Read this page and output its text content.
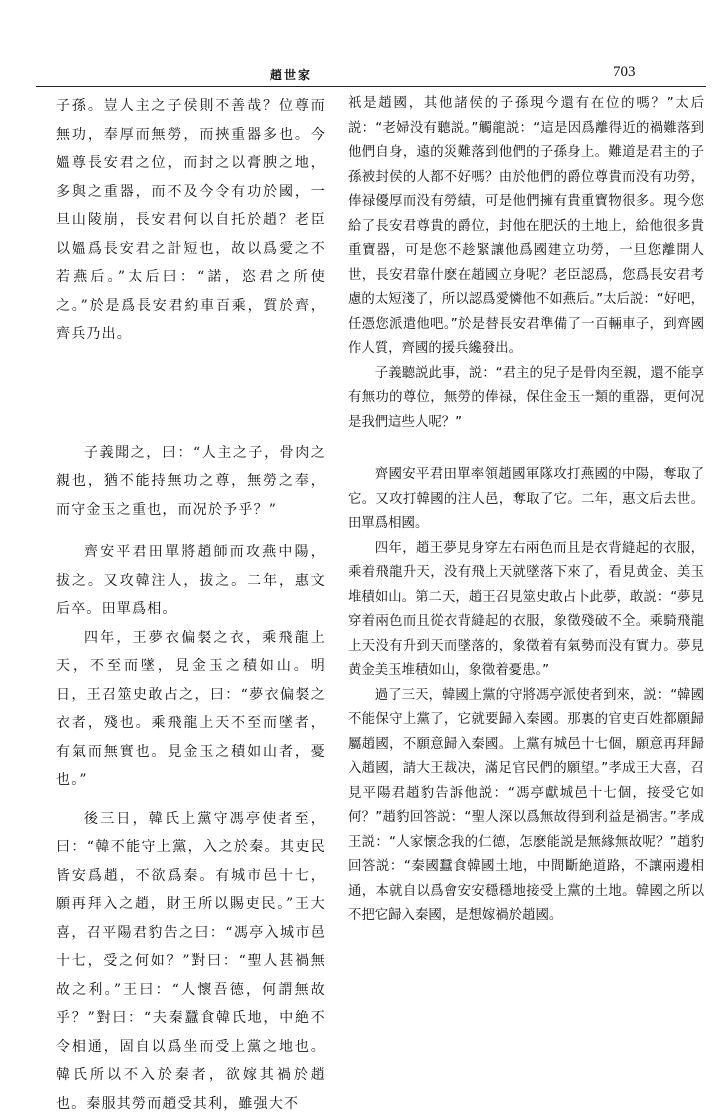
趙世家	703

子孫。豈人主之子侯則不善哉？位尊而無功，奉厚而無勞，而挾重器多也。今媼尊長安君之位，而封之以膏腴之地，多與之重器，而不及今令有功於國，一旦山陵崩，長安君何以自托於趙？老臣以媼爲長安君之計短也，故以爲愛之不若燕后。”太后曰：“諾，恣君之所使之。”於是爲長安君約車百乘，質於齊，齊兵乃出。

子義聞之，曰：“人主之子，骨肉之親也，猶不能持無功之尊，無勞之奉，而守金玉之重也，而况於予乎？”

齊安平君田單將趙師而攻燕中陽，拔之。又攻韓注人，拔之。二年，惠文后卒。田單爲相。

四年，王夢衣偏裻之衣，乘飛龍上天，不至而墜，見金玉之積如山。明日，王召筮史敢占之，曰：“夢衣偏裻之衣者，殘也。乘飛龍上天不至而墜者，有氣而無實也。見金玉之積如山者，憂也。”

後三日，韓氏上黨守馮亭使者至，曰：“韓不能守上黨，入之於秦。其吏民皆安爲趙，不欲爲秦。有城市邑十七，願再拜入之趙，財王所以賜吏民。”王大喜，召平陽君豹告之曰：“馮亭入城市邑十七，受之何如？”對曰：“聖人甚禍無故之利。”王曰：“人懷吾德，何謂無故乎？”對曰：“夫秦蠶食韓氏地，中絶不令相通，固自以爲坐而受上黨之地也。韓氏所以不入於秦者，欲嫁其禍於趙也。秦服其勞而趙受其利，雖强大不

祇是趙國，其他諸侯的子孫現今還有在位的嗎？”太后説：“老婦没有聽説。”觸龍説：“這是因爲離得近的禍難落到他們自身，遠的災難落到他們的子孫身上。難道是君主的子孫被封侯的人都不好嗎？由於他們的爵位尊貴而没有功勞，俸禄優厚而没有勞績，可是他們擁有貴重寶物很多。現今您給了長安君尊貴的爵位，封他在肥沃的土地上，給他很多貴重寶器，可是您不趁緊讓他爲國建立功勞，一旦您離開人世，長安君靠什麽在趙國立身呢？老臣認爲，您爲長安君考慮的太短淺了，所以認爲愛憐他不如燕后。”太后説：“好吧，任憑您派遣他吧。”於是替長安君準備了一百輛車子，到齊國作人質，齊國的援兵纔發出。

子義聽説此事，説：“君主的兒子是骨肉至親，還不能享有無功的尊位，無勞的俸禄，保住金玉一類的重器，更何况是我們這些人呢？”

齊國安平君田單率領趙國軍隊攻打燕國的中陽，奪取了它。又攻打韓國的注人邑，奪取了它。二年，惠文后去世。田單爲相國。

四年，趙王夢見身穿左右兩色而且是衣背縫起的衣服，乘着飛龍升天，没有飛上天就墜落下來了，看見黄金、美玉堆積如山。第二天，趙王召見筮史敢占卜此夢，敢説：“夢見穿着兩色而且從衣背縫起的衣服，象徵殘破不全。乘騎飛龍上天没有升到天而墜落的，象徵着有氣勢而没有實力。夢見黄金美玉堆積如山，象徵着憂患。”

過了三天，韓國上黨的守將馮亭派使者到來，説：“韓國不能保守上黨了，它就要歸入秦國。那裏的官吏百姓都願歸屬趙國，不願意歸入秦國。上黨有城邑十七個，願意再拜歸入趙國，請大王裁决，滿足官民們的願望。”孝成王大喜，召見平陽君趙豹告訴他説：“馮亭獻城邑十七個，接受它如何？”趙豹回答説：“聖人深以爲無故得到利益是禍害。”孝成王説：“人家懷念我的仁德，怎麽能説是無緣無故呢？”趙豹回答説：“秦國蠶食韓國土地，中間斷絶道路，不讓兩邊相通，本就自以爲會安安穩穩地接受上黨的土地。韓國之所以不把它歸入秦國，是想嫁禍於趙國。
